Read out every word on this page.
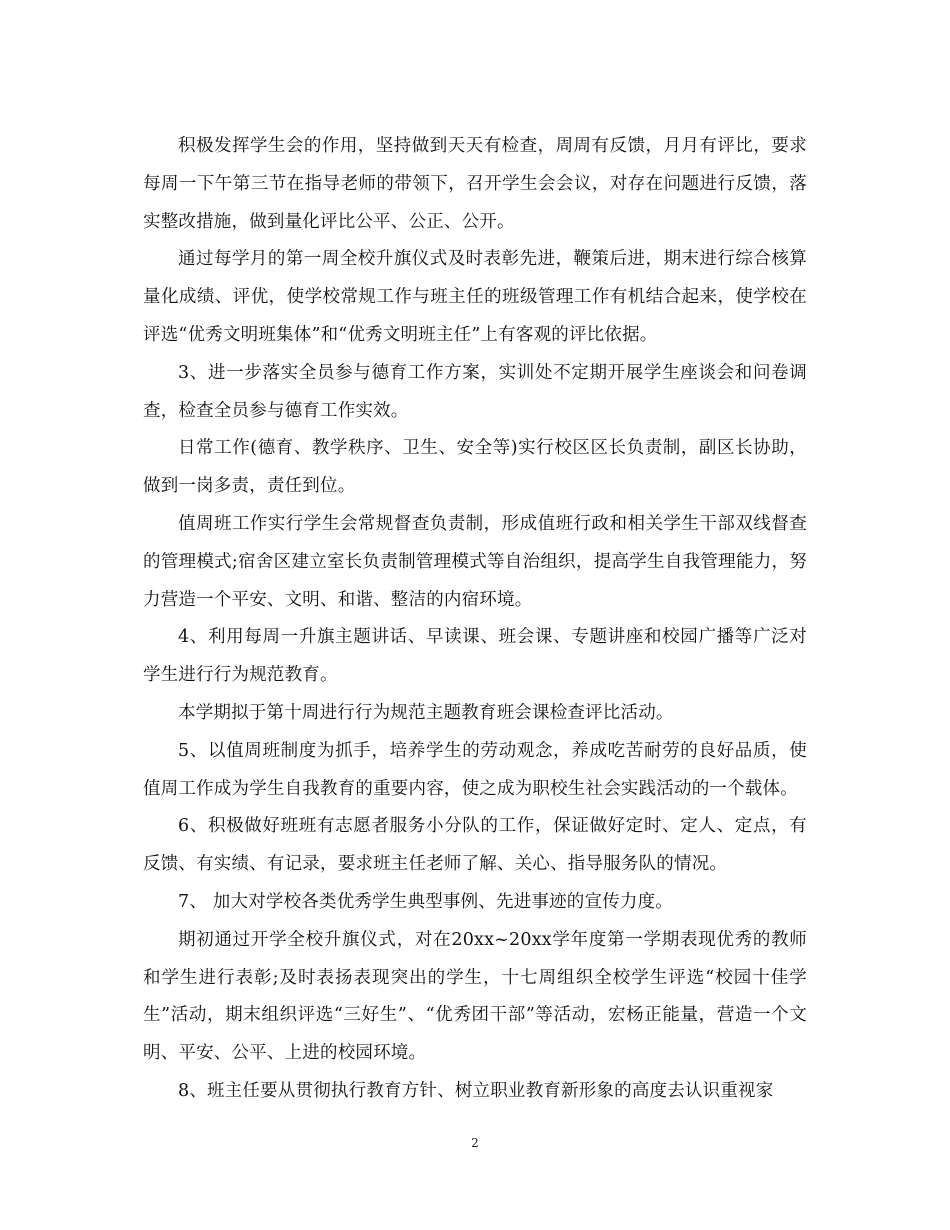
积极发挥学生会的作用，坚持做到天天有检查，周周有反馈，月月有评比，要求每周一下午第三节在指导老师的带领下，召开学生会会议，对存在问题进行反馈，落实整改措施，做到量化评比公平、公正、公开。

通过每学月的第一周全校升旗仪式及时表彰先进，鞭策后进，期末进行综合核算量化成绩、评优，使学校常规工作与班主任的班级管理工作有机结合起来，使学校在评选“优秀文明班集体”和“优秀文明班主任”上有客观的评比依据。

3、进一步落实全员参与德育工作方案，实训处不定期开展学生座谈会和问卷调查，检查全员参与德育工作实效。

日常工作(德育、教学秩序、卫生、安全等)实行校区区长负责制，副区长协助，做到一岗多责，责任到位。

值周班工作实行学生会常规督查负责制，形成值班行政和相关学生干部双线督查的管理模式;宿舍区建立室长负责制管理模式等自治组织，提高学生自我管理能力，努力营造一个平安、文明、和谐、整洁的内宿环境。

4、利用每周一升旗主题讲话、早读课、班会课、专题讲座和校园广播等广泛对学生进行行为规范教育。

本学期拟于第十周进行行为规范主题教育班会课检查评比活动。

5、以值周班制度为抓手，培养学生的劳动观念，养成吃苦耐劳的良好品质，使值周工作成为学生自我教育的重要内容，使之成为职校生社会实践活动的一个载体。

6、积极做好班班有志愿者服务小分队的工作，保证做好定时、定人、定点，有反馈、有实绩、有记录，要求班主任老师了解、关心、指导服务队的情况。

7、 加大对学校各类优秀学生典型事例、先进事迹的宣传力度。

期初通过开学全校升旗仪式，对在20xx~20xx学年度第一学期表现优秀的教师和学生进行表彰;及时表扬表现突出的学生，十七周组织全校学生评选“校园十佳学生”活动，期末组织评选“三好生”、“优秀团干部”等活动，宏杨正能量，营造一个文明、平安、公平、上进的校园环境。

8、班主任要从贯彻执行教育方针、树立职业教育新形象的高度去认识重视家

2
